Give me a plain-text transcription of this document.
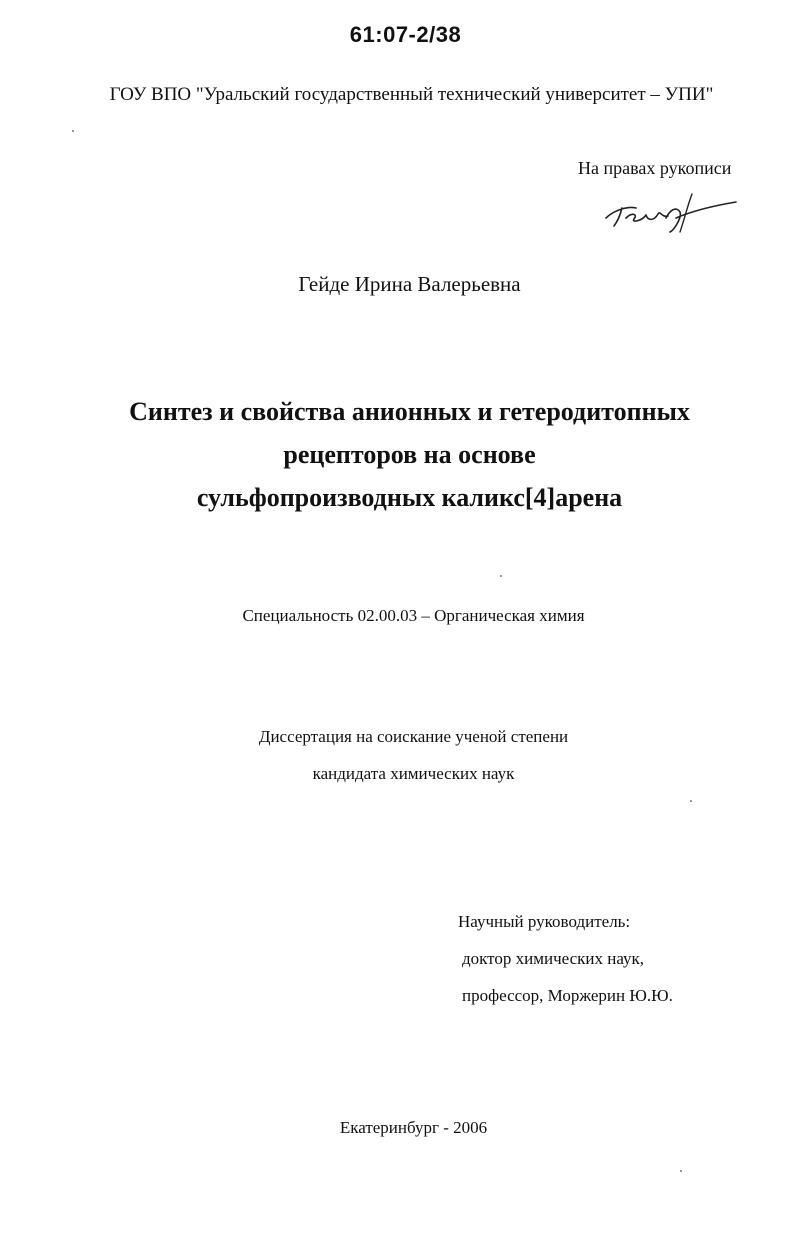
61:07-2/38
ГОУ ВПО "Уральский государственный технический университет – УПИ"
На правах рукописи
Гейде Ирина Валерьевна
Синтез и свойства анионных и гетеродитопных
рецепторов на основе
сульфопроизводных каликс[4]арена
Специальность 02.00.03 – Органическая химия
Диссертация на соискание ученой степени
кандидата химических наук
Научный руководитель:
доктор химических наук,
профессор, Моржерин Ю.Ю.
Екатеринбург - 2006
